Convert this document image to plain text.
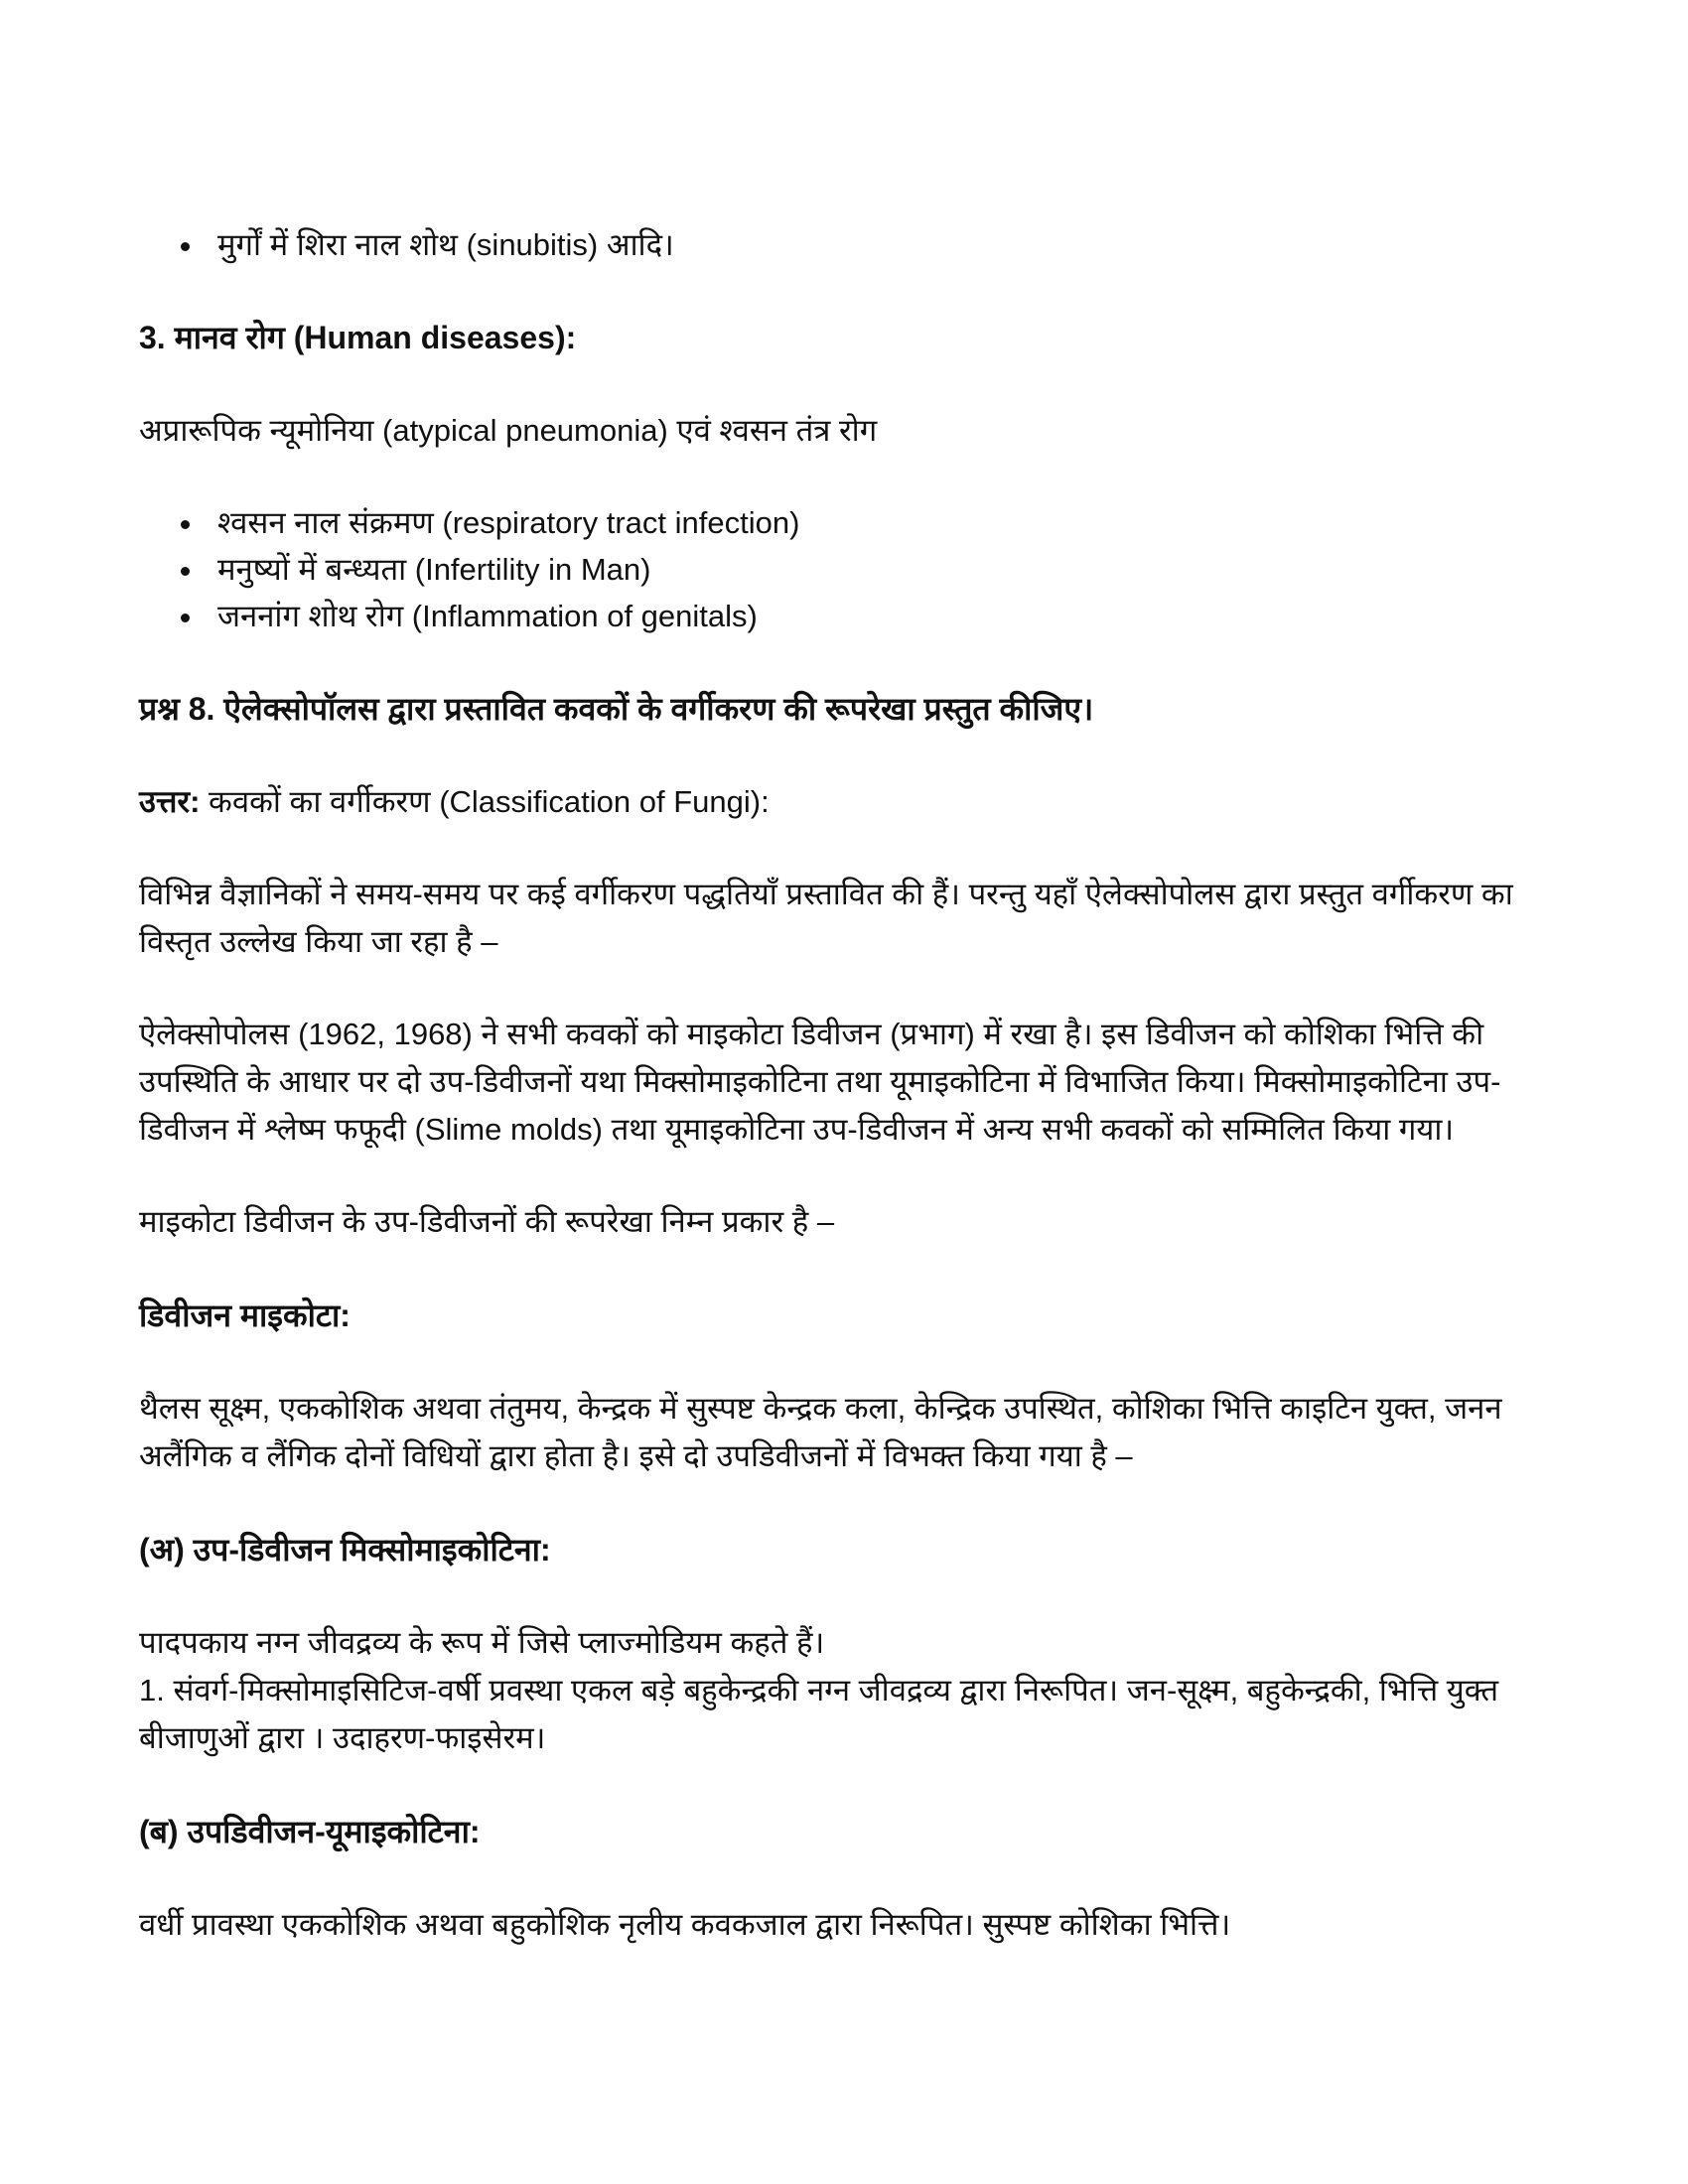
• मुर्गों में शिरा नाल शोथ (sinubitis) आदि।
3. मानव रोग (Human diseases):

अप्रारूपिक न्यूमोनिया (atypical pneumonia) एवं श्वसन तंत्र रोग

• श्वसन नाल संक्रमण (respiratory tract infection)
• मनुष्यों में बन्ध्यता (Infertility in Man)
• जननांग शोथ रोग (Inflammation of genitals)
प्रश्न 8. ऐलेक्सोपॉलस द्वारा प्रस्तावित कवकों के वर्गीकरण की रूपरेखा प्रस्तुत कीजिए।

उत्तर: कवकों का वर्गीकरण (Classification of Fungi):

विभिन्न वैज्ञानिकों ने समय-समय पर कई वर्गीकरण पद्धतियाँ प्रस्तावित की हैं। परन्तु यहाँ ऐलेक्सोपोलस द्वारा प्रस्तुत वर्गीकरण का विस्तृत उल्लेख किया जा रहा है –

ऐलेक्सोपोलस (1962, 1968) ने सभी कवकों को माइकोटा डिवीजन (प्रभाग) में रखा है। इस डिवीजन को कोशिका भित्ति की उपस्थिति के आधार पर दो उप-डिवीजनों यथा मिक्सोमाइकोटिना तथा यूमाइकोटिना में विभाजित किया। मिक्सोमाइकोटिना उप-डिवीजन में श्लेष्म फफूदी (Slime molds) तथा यूमाइकोटिना उप-डिवीजन में अन्य सभी कवकों को सम्मिलित किया गया।

माइकोटा डिवीजन के उप-डिवीजनों की रूपरेखा निम्न प्रकार है –

डिवीजन माइकोटा:

थैलस सूक्ष्म, एककोशिक अथवा तंतुमय, केन्द्रक में सुस्पष्ट केन्द्रक कला, केन्द्रिक उपस्थित, कोशिका भित्ति काइटिन युक्त, जनन अलैंगिक व लैंगिक दोनों विधियों द्वारा होता है। इसे दो उपडिवीजनों में विभक्त किया गया है –

(अ) उप-डिवीजन मिक्सोमाइकोटिना:

पादपकाय नग्न जीवद्रव्य के रूप में जिसे प्लाज्मोडियम कहते हैं।
1. संवर्ग-मिक्सोमाइसिटिज-वर्षी प्रवस्था एकल बड़े बहुकेन्द्रकी नग्न जीवद्रव्य द्वारा निरूपित। जन-सूक्ष्म, बहुकेन्द्रकी, भित्ति युक्त बीजाणुओं द्वारा । उदाहरण-फाइसेरम।

(ब) उपडिवीजन-यूमाइकोटिना:

वर्धी प्रावस्था एककोशिक अथवा बहुकोशिक नृलीय कवकजाल द्वारा निरूपित। सुस्पष्ट कोशिका भित्ति।
